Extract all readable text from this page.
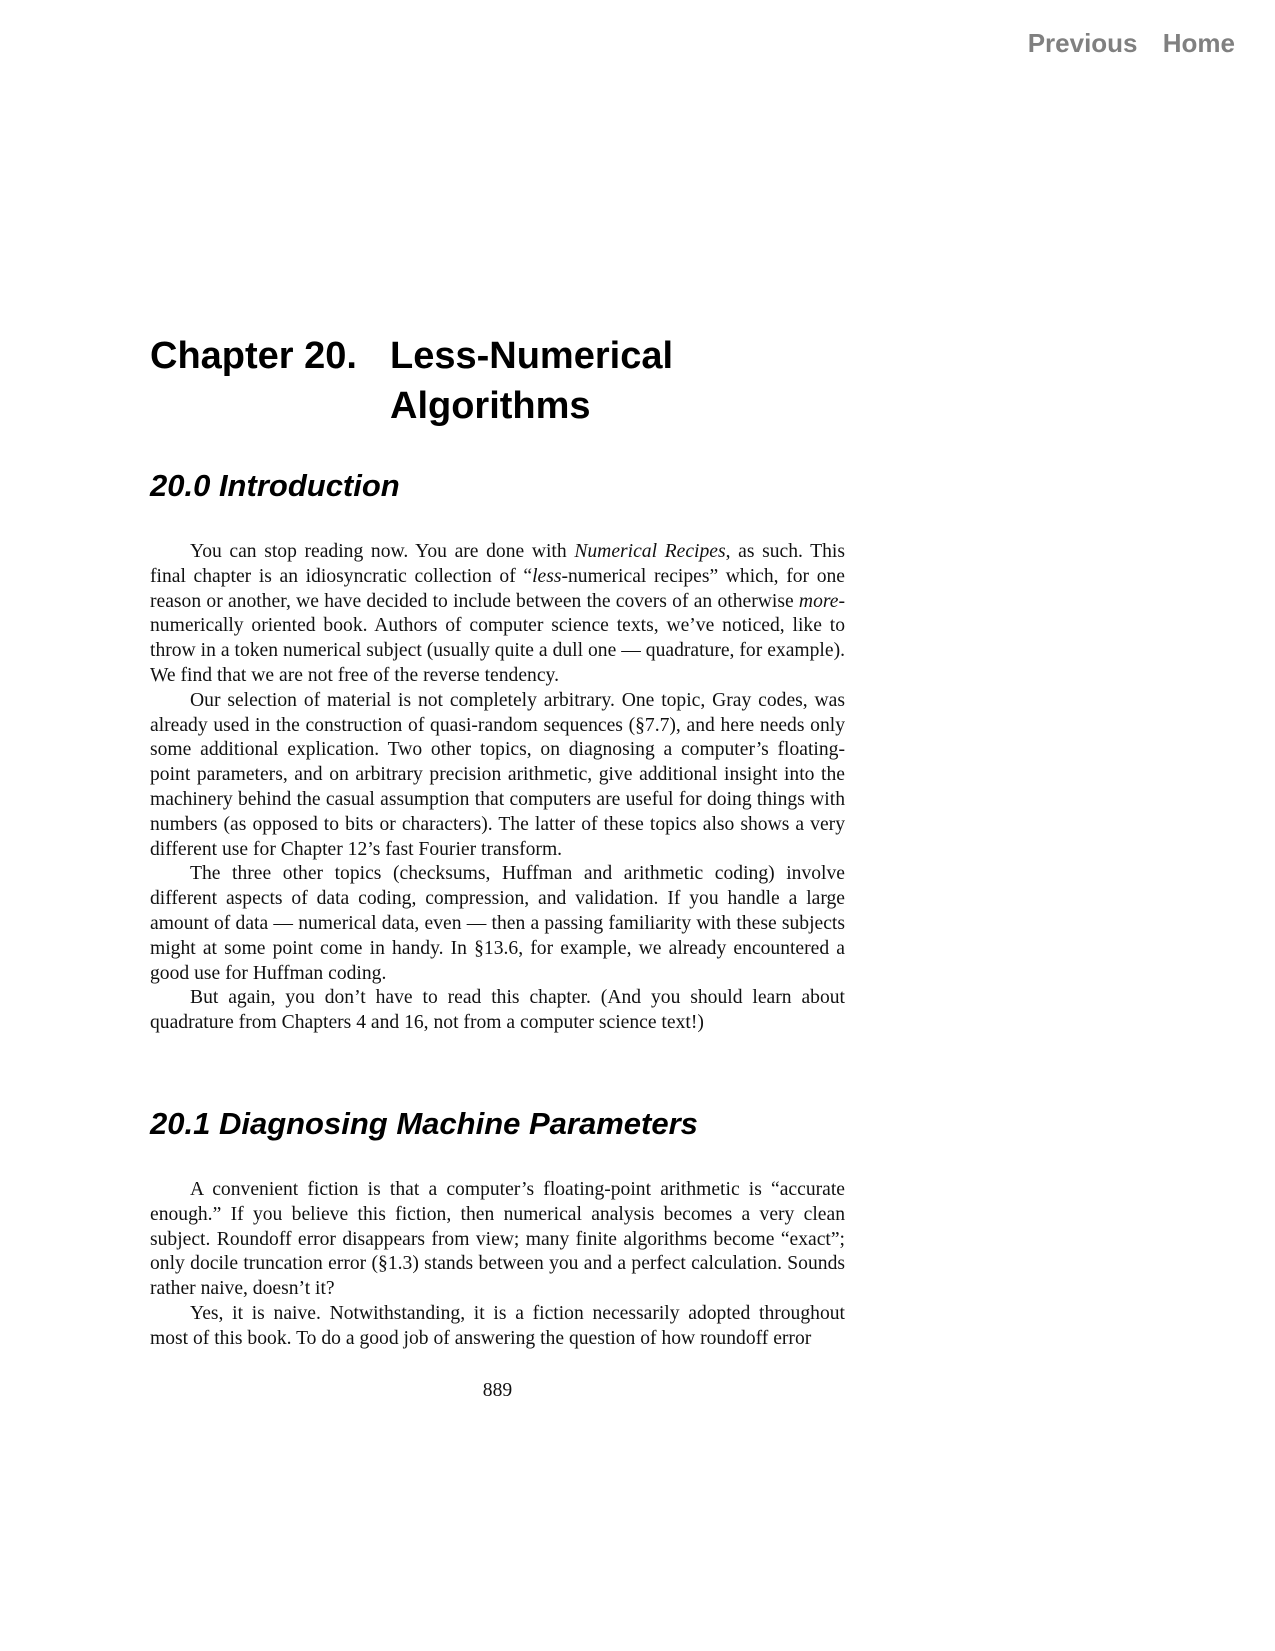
Previous Home
Chapter 20. Less-Numerical
Algorithms
20.0 Introduction

You can stop reading now. You are done with Numerical Recipes, as such. This final chapter is an idiosyncratic collection of “less-numerical recipes” which, for one reason or another, we have decided to include between the covers of an otherwise more-numerically oriented book. Authors of computer science texts, we’ve noticed, like to throw in a token numerical subject (usually quite a dull one — quadrature, for example). We find that we are not free of the reverse tendency.

Our selection of material is not completely arbitrary. One topic, Gray codes, was already used in the construction of quasi-random sequences (§7.7), and here needs only some additional explication. Two other topics, on diagnosing a computer’s floating-point parameters, and on arbitrary precision arithmetic, give additional insight into the machinery behind the casual assumption that computers are useful for doing things with numbers (as opposed to bits or characters). The latter of these topics also shows a very different use for Chapter 12’s fast Fourier transform.

The three other topics (checksums, Huffman and arithmetic coding) involve different aspects of data coding, compression, and validation. If you handle a large amount of data — numerical data, even — then a passing familiarity with these subjects might at some point come in handy. In §13.6, for example, we already encountered a good use for Huffman coding.

But again, you don’t have to read this chapter. (And you should learn about quadrature from Chapters 4 and 16, not from a computer science text!)

20.1 Diagnosing Machine Parameters

A convenient fiction is that a computer’s floating-point arithmetic is “accurate enough.” If you believe this fiction, then numerical analysis becomes a very clean subject. Roundoff error disappears from view; many finite algorithms become “exact”; only docile truncation error (§1.3) stands between you and a perfect calculation. Sounds rather naive, doesn’t it?

Yes, it is naive. Notwithstanding, it is a fiction necessarily adopted throughout most of this book. To do a good job of answering the question of how roundoff error

889
